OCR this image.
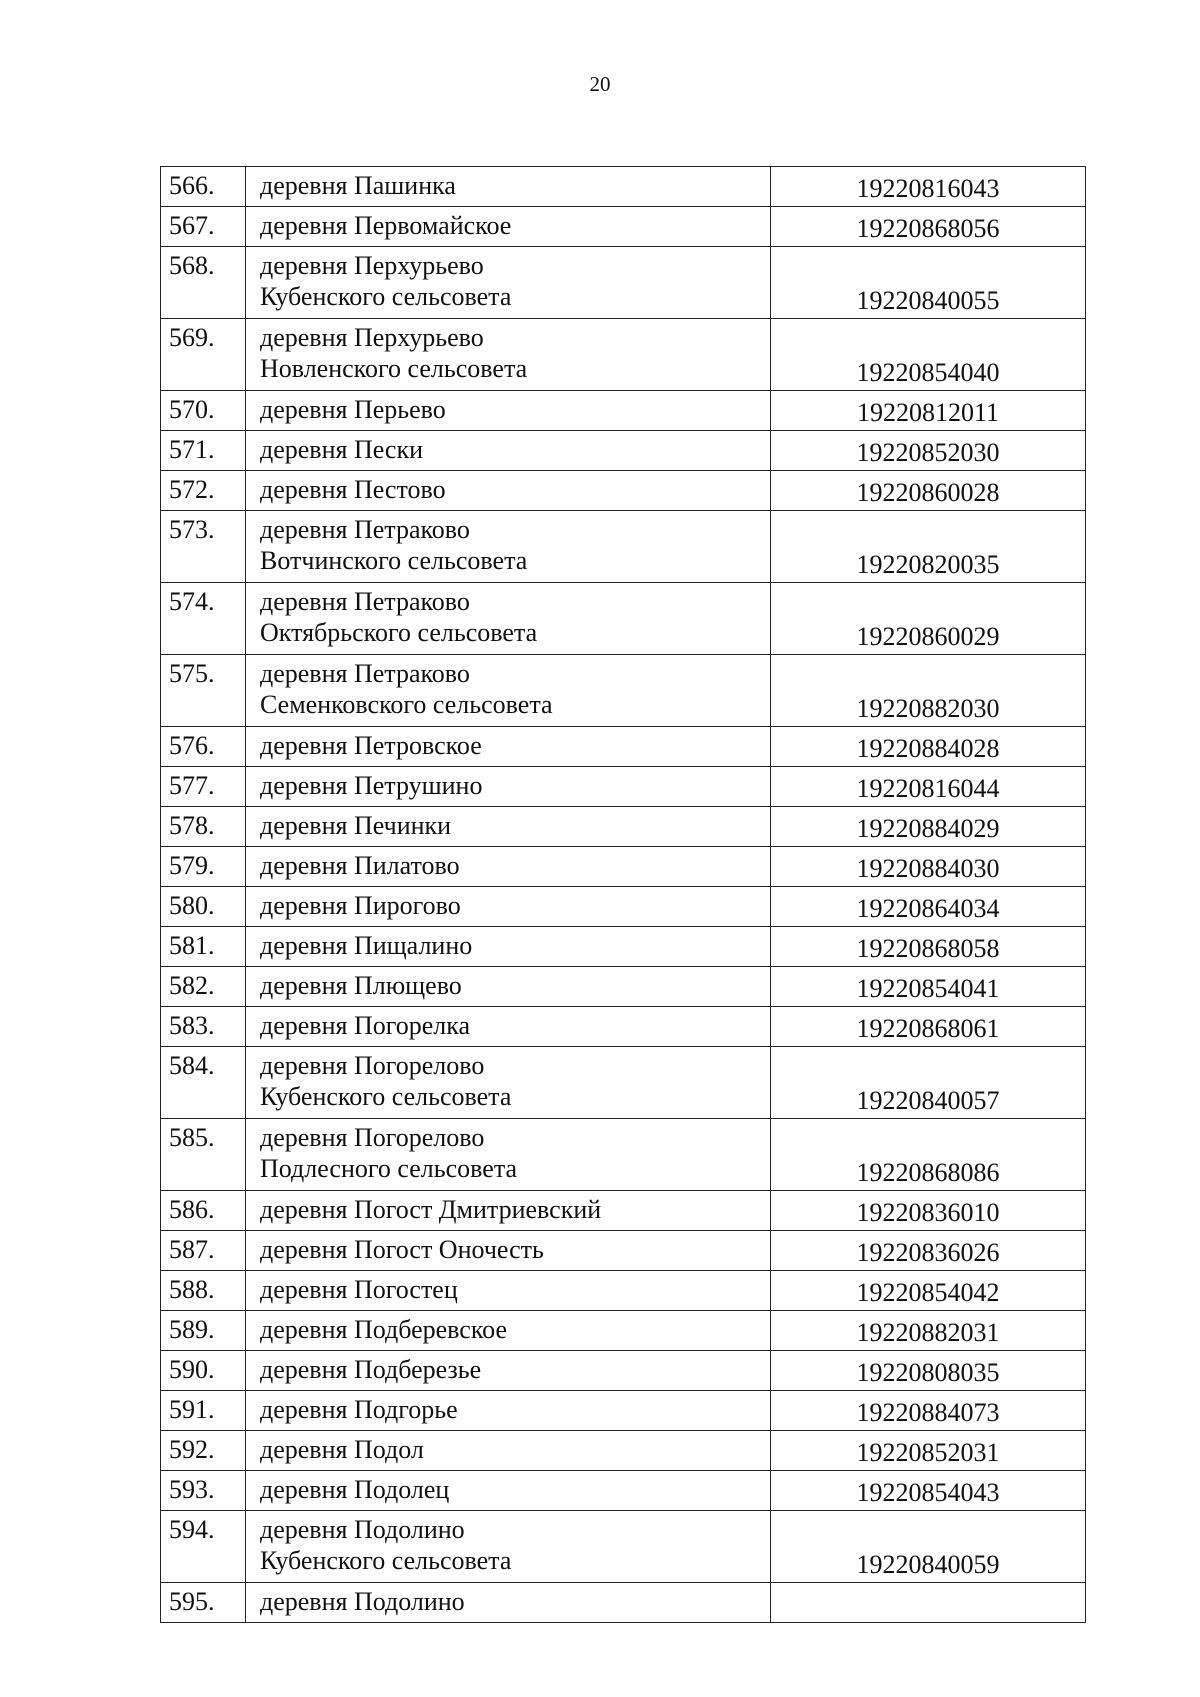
20
566.	деревня Пашинка	19220816043
567.	деревня Первомайское	19220868056
568.	деревня Перхурьево
Кубенского сельсовета	19220840055
569.	деревня Перхурьево
Новленского сельсовета	19220854040
570.	деревня Перьево	19220812011
571.	деревня Пески	19220852030
572.	деревня Пестово	19220860028
573.	деревня Петраково
Вотчинского сельсовета	19220820035
574.	деревня Петраково
Октябрьского сельсовета	19220860029
575.	деревня Петраково
Семенковского сельсовета	19220882030
576.	деревня Петровское	19220884028
577.	деревня Петрушино	19220816044
578.	деревня Печинки	19220884029
579.	деревня Пилатово	19220884030
580.	деревня Пирогово	19220864034
581.	деревня Пищалино	19220868058
582.	деревня Плющево	19220854041
583.	деревня Погорелка	19220868061
584.	деревня Погорелово
Кубенского сельсовета	19220840057
585.	деревня Погорелово
Подлесного сельсовета	19220868086
586.	деревня Погост Дмитриевский	19220836010
587.	деревня Погост Оночесть	19220836026
588.	деревня Погостец	19220854042
589.	деревня Подберевское	19220882031
590.	деревня Подберезье	19220808035
591.	деревня Подгорье	19220884073
592.	деревня Подол	19220852031
593.	деревня Подолец	19220854043
594.	деревня Подолино
Кубенского сельсовета	19220840059
595.	деревня Подолино	
